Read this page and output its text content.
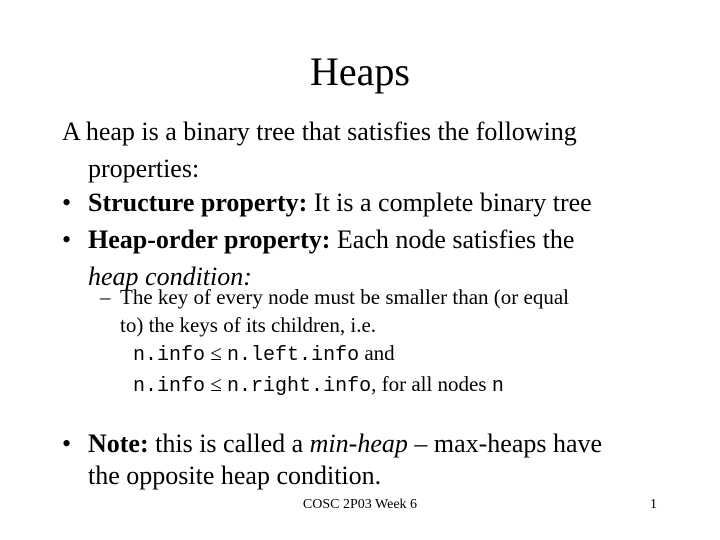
Heaps
A heap is a binary tree that satisfies the following
properties:
• Structure property: It is a complete binary tree
• Heap-order property: Each node satisfies the
heap condition:
– The key of every node must be smaller than (or equal
to) the keys of its children, i.e.
n.info ≤ n.left.info and
n.info ≤ n.right.info, for all nodes n
• Note: this is called a min-heap – max-heaps have
the opposite heap condition.
COSC 2P03 Week 6	1
